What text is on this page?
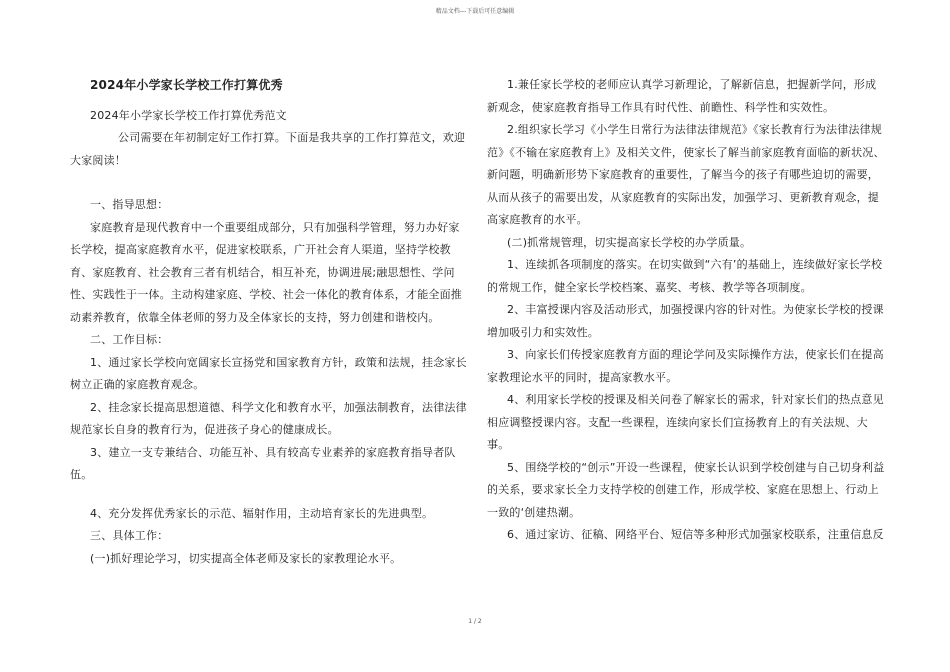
精品文档---下载后可任意编辑

2024年小学家长学校工作打算优秀

2024年小学家长学校工作打算优秀范文

公司需要在年初制定好工作打算。下面是我共享的工作打算范文，欢迎大家阅读！

一、指导思想：

家庭教育是现代教育中一个重要组成部分，只有加强科学管理，努力办好家长学校，提高家庭教育水平，促进家校联系，广开社会育人渠道，坚持学校教育、家庭教育、社会教育三者有机结合，相互补充，协调进展;融思想性、学问性、实践性于一体。主动构建家庭、学校、社会一体化的教育体系，才能全面推动素养教育，依靠全体老师的努力及全体家长的支持，努力创建和谐校内。

二、工作目标：

1、通过家长学校向宽阔家长宣扬党和国家教育方针，政策和法规，挂念家长树立正确的家庭教育观念。

2、挂念家长提高思想道德、科学文化和教育水平，加强法制教育，法律法律规范家长自身的教育行为，促进孩子身心的健康成长。

3、建立一支专兼结合、功能互补、具有较高专业素养的家庭教育指导者队伍。

4、充分发挥优秀家长的示范、辐射作用，主动培育家长的先进典型。

三、具体工作：

(一)抓好理论学习，切实提高全体老师及家长的家教理论水平。

1.兼任家长学校的老师应认真学习新理论，了解新信息，把握新学问，形成新观念，使家庭教育指导工作具有时代性、前瞻性、科学性和实效性。

2.组织家长学习《小学生日常行为法律法律规范》《家长教育行为法律法律规范》《不输在家庭教育上》及相关文件，使家长了解当前家庭教育面临的新状况、新问题，明确新形势下家庭教育的重要性，了解当今的孩子有哪些迫切的需要，从而从孩子的需要出发，从家庭教育的实际出发，加强学习、更新教育观念，提高家庭教育的水平。

(二)抓常规管理，切实提高家长学校的办学质量。

1、连续抓各项制度的落实。在切实做到“六有’的基础上，连续做好家长学校的常规工作，健全家长学校档案、嘉奖、考核、教学等各项制度。

2、丰富授课内容及活动形式，加强授课内容的针对性。为使家长学校的授课增加吸引力和实效性。

3、向家长们传授家庭教育方面的理论学问及实际操作方法，使家长们在提高家教理论水平的同时，提高家教水平。

4、利用家长学校的授课及相关问卷了解家长的需求，针对家长们的热点意见相应调整授课内容。支配一些课程，连续向家长们宣扬教育上的有关法规、大事。

5、围绕学校的“创示”开设一些课程，使家长认识到学校创建与自己切身利益的关系，要求家长全力支持学校的创建工作，形成学校、家庭在思想上、行动上一致的‘创建热潮。

6、通过家访、征稿、网络平台、短信等多种形式加强家校联系，注重信息反

1 / 2
